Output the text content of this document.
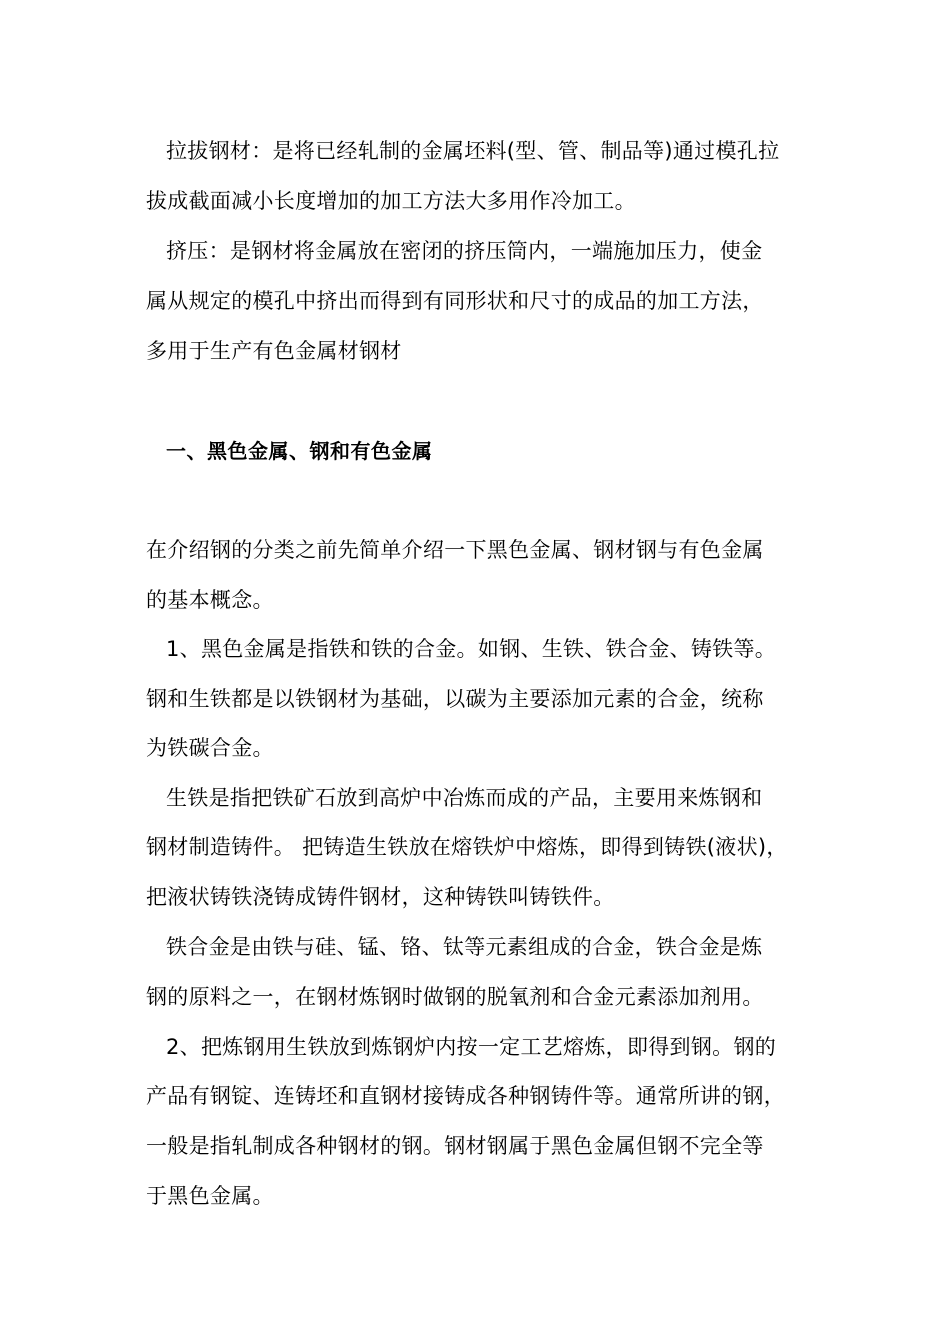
拉拔钢材：是将已经轧制的金属坯料(型、管、制品等)通过模孔拉
拔成截面减小长度增加的加工方法大多用作冷加工。
挤压：是钢材将金属放在密闭的挤压筒内，一端施加压力，使金
属从规定的模孔中挤出而得到有同形状和尺寸的成品的加工方法，
多用于生产有色金属材钢材
一、黑色金属、钢和有色金属
在介绍钢的分类之前先简单介绍一下黑色金属、钢材钢与有色金属
的基本概念。
1、黑色金属是指铁和铁的合金。如钢、生铁、铁合金、铸铁等。
钢和生铁都是以铁钢材为基础，以碳为主要添加元素的合金，统称
为铁碳合金。
生铁是指把铁矿石放到高炉中冶炼而成的产品，主要用来炼钢和
钢材制造铸件。 把铸造生铁放在熔铁炉中熔炼，即得到铸铁(液状)，
把液状铸铁浇铸成铸件钢材，这种铸铁叫铸铁件。
铁合金是由铁与硅、锰、铬、钛等元素组成的合金，铁合金是炼
钢的原料之一，在钢材炼钢时做钢的脱氧剂和合金元素添加剂用。
2、把炼钢用生铁放到炼钢炉内按一定工艺熔炼，即得到钢。钢的
产品有钢锭、连铸坯和直钢材接铸成各种钢铸件等。通常所讲的钢，
一般是指轧制成各种钢材的钢。钢材钢属于黑色金属但钢不完全等
于黑色金属。
